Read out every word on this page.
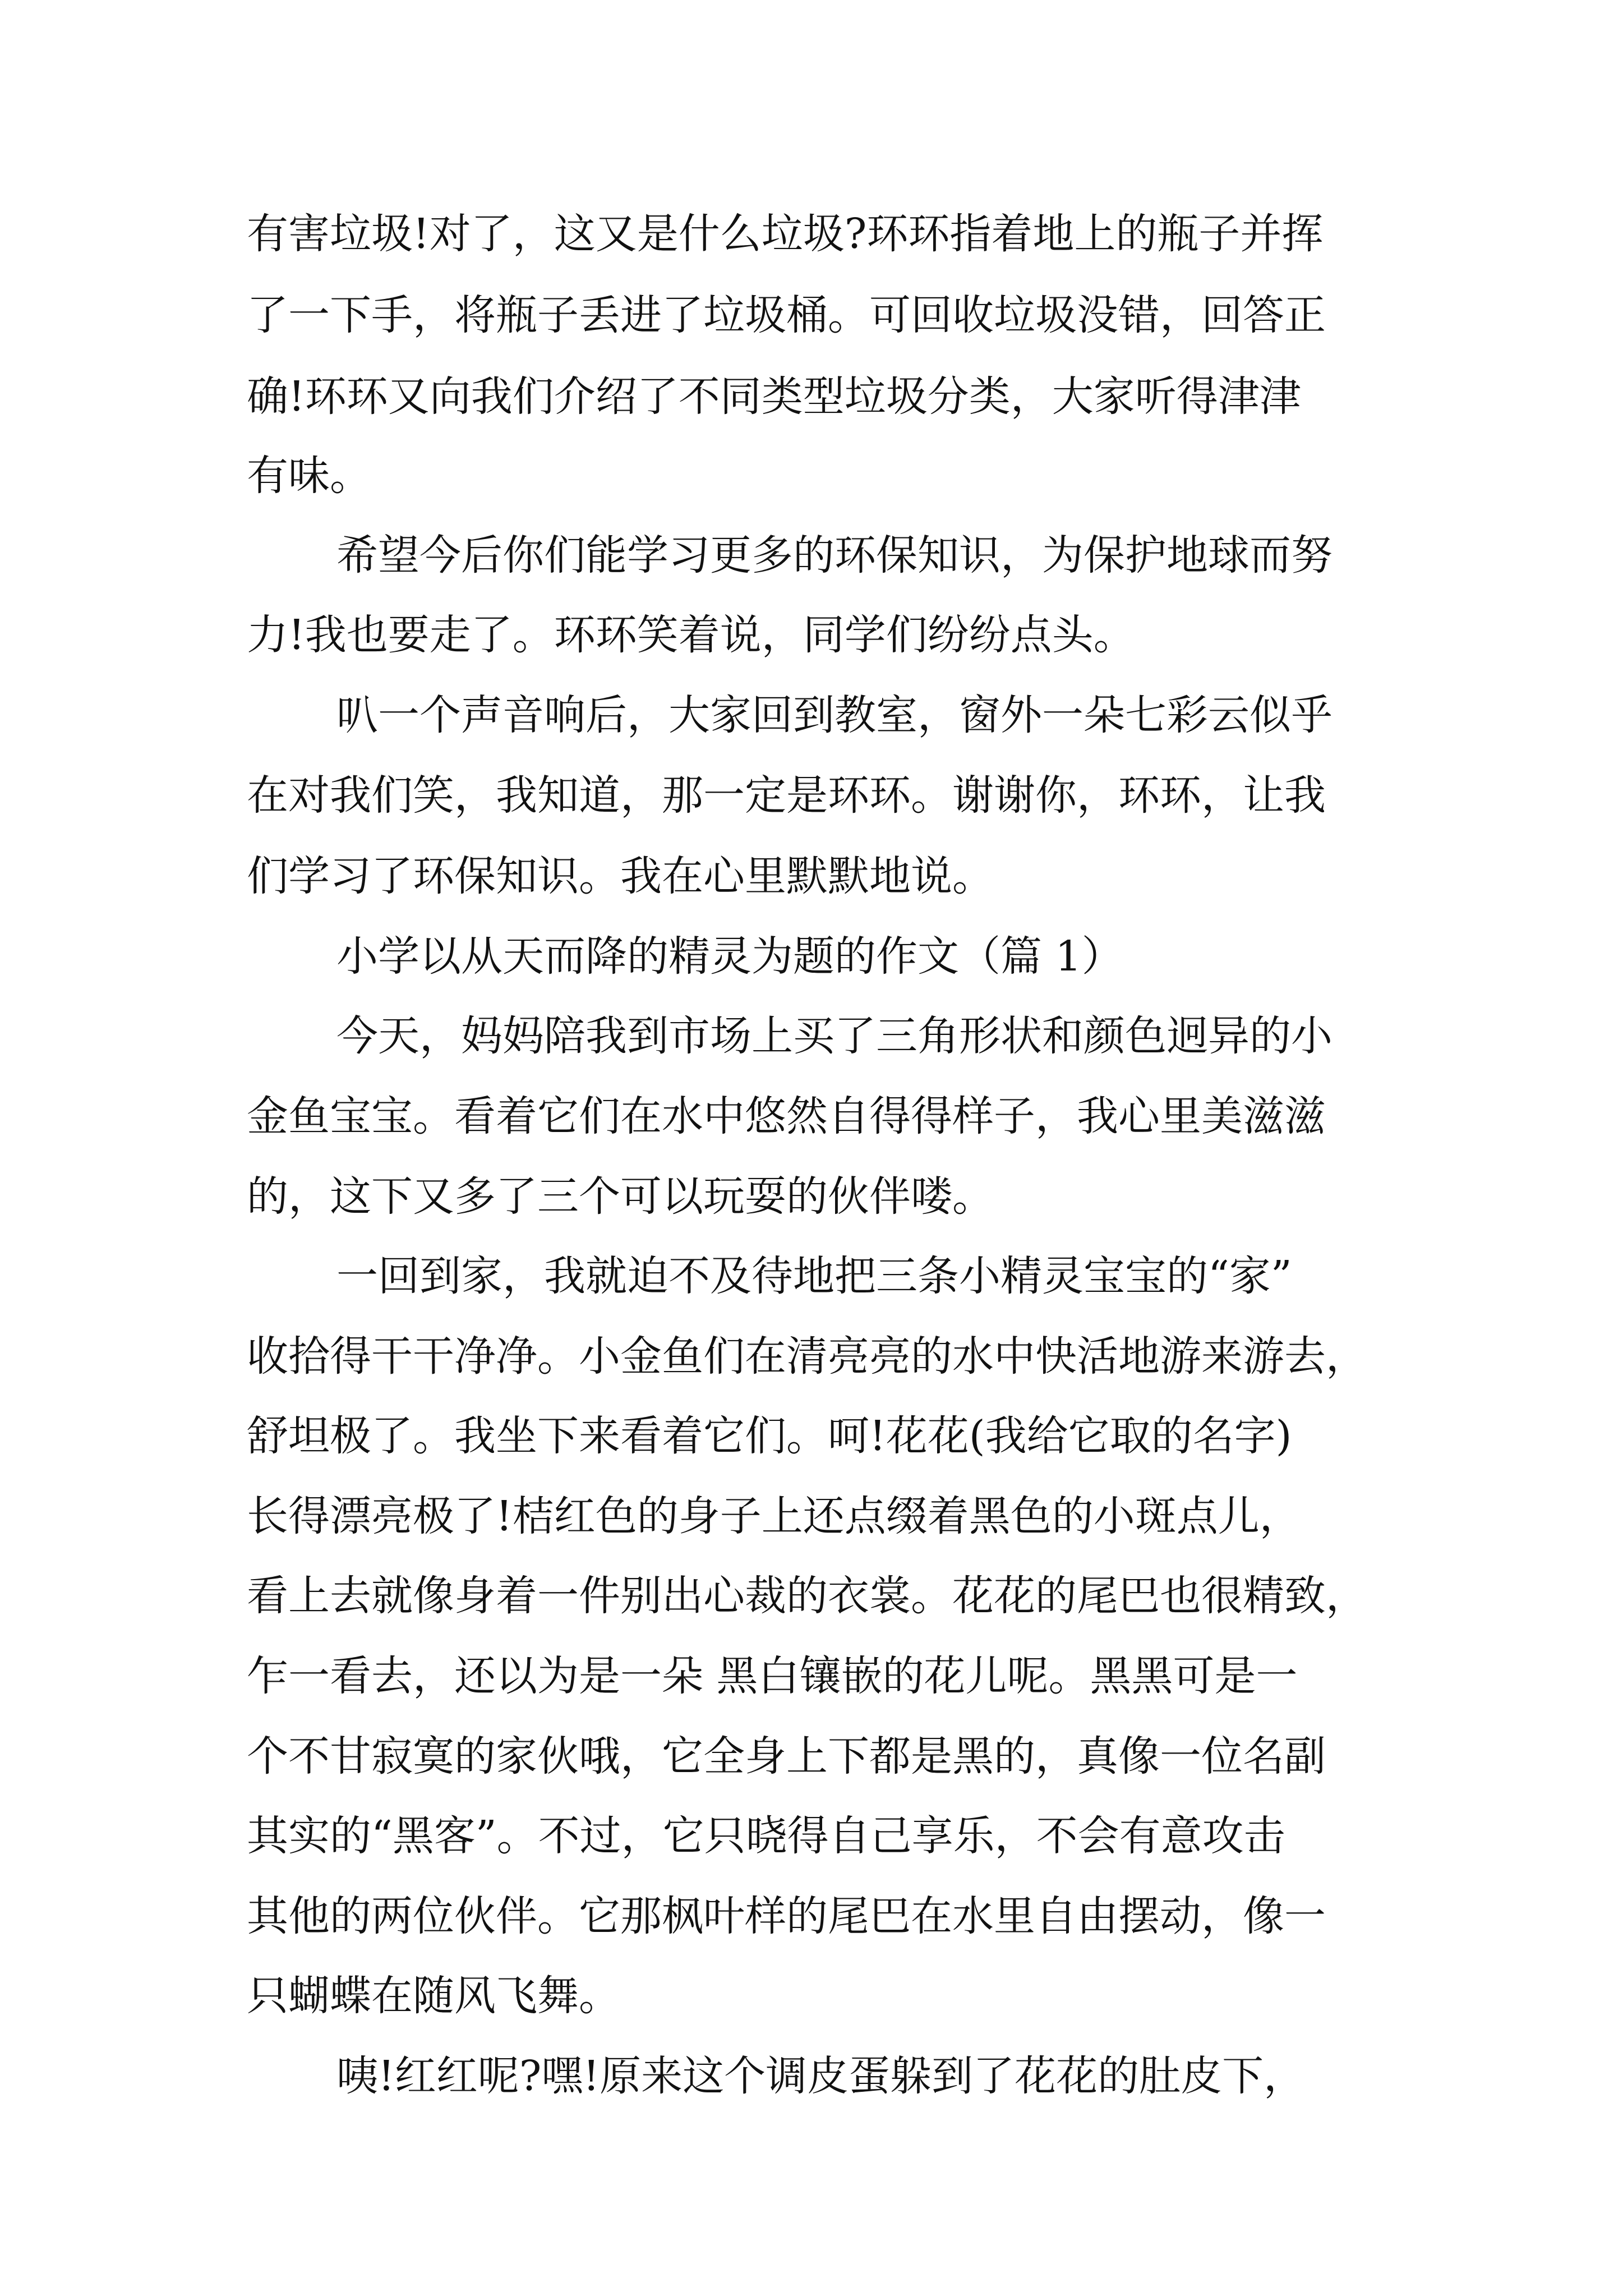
有害垃圾!对了，这又是什么垃圾?环环指着地上的瓶子并挥

了一下手，将瓶子丢进了垃圾桶。可回收垃圾没错，回答正

确!环环又向我们介绍了不同类型垃圾分类，大家听得津津

有味。

希望今后你们能学习更多的环保知识，为保护地球而努

力!我也要走了。环环笑着说，同学们纷纷点头。

叭一个声音响后，大家回到教室，窗外一朵七彩云似乎

在对我们笑，我知道，那一定是环环。谢谢你，环环，让我

们学习了环保知识。我在心里默默地说。

小学以从天而降的精灵为题的作文（篇 1）

今天，妈妈陪我到市场上买了三角形状和颜色迥异的小

金鱼宝宝。看着它们在水中悠然自得得样子，我心里美滋滋

的，这下又多了三个可以玩耍的伙伴喽。

一回到家，我就迫不及待地把三条小精灵宝宝的“家”

收拾得干干净净。小金鱼们在清亮亮的水中快活地游来游去，

舒坦极了。我坐下来看着它们。呵!花花(我给它取的名字)

长得漂亮极了!桔红色的身子上还点缀着黑色的小斑点儿，

看上去就像身着一件别出心裁的衣裳。花花的尾巴也很精致，

乍一看去，还以为是一朵 黑白镶嵌的花儿呢。黑黑可是一

个不甘寂寞的家伙哦，它全身上下都是黑的，真像一位名副

其实的“黑客”。不过，它只晓得自己享乐，不会有意攻击

其他的两位伙伴。它那枫叶样的尾巴在水里自由摆动，像一

只蝴蝶在随风飞舞。

咦!红红呢?嘿!原来这个调皮蛋躲到了花花的肚皮下，
